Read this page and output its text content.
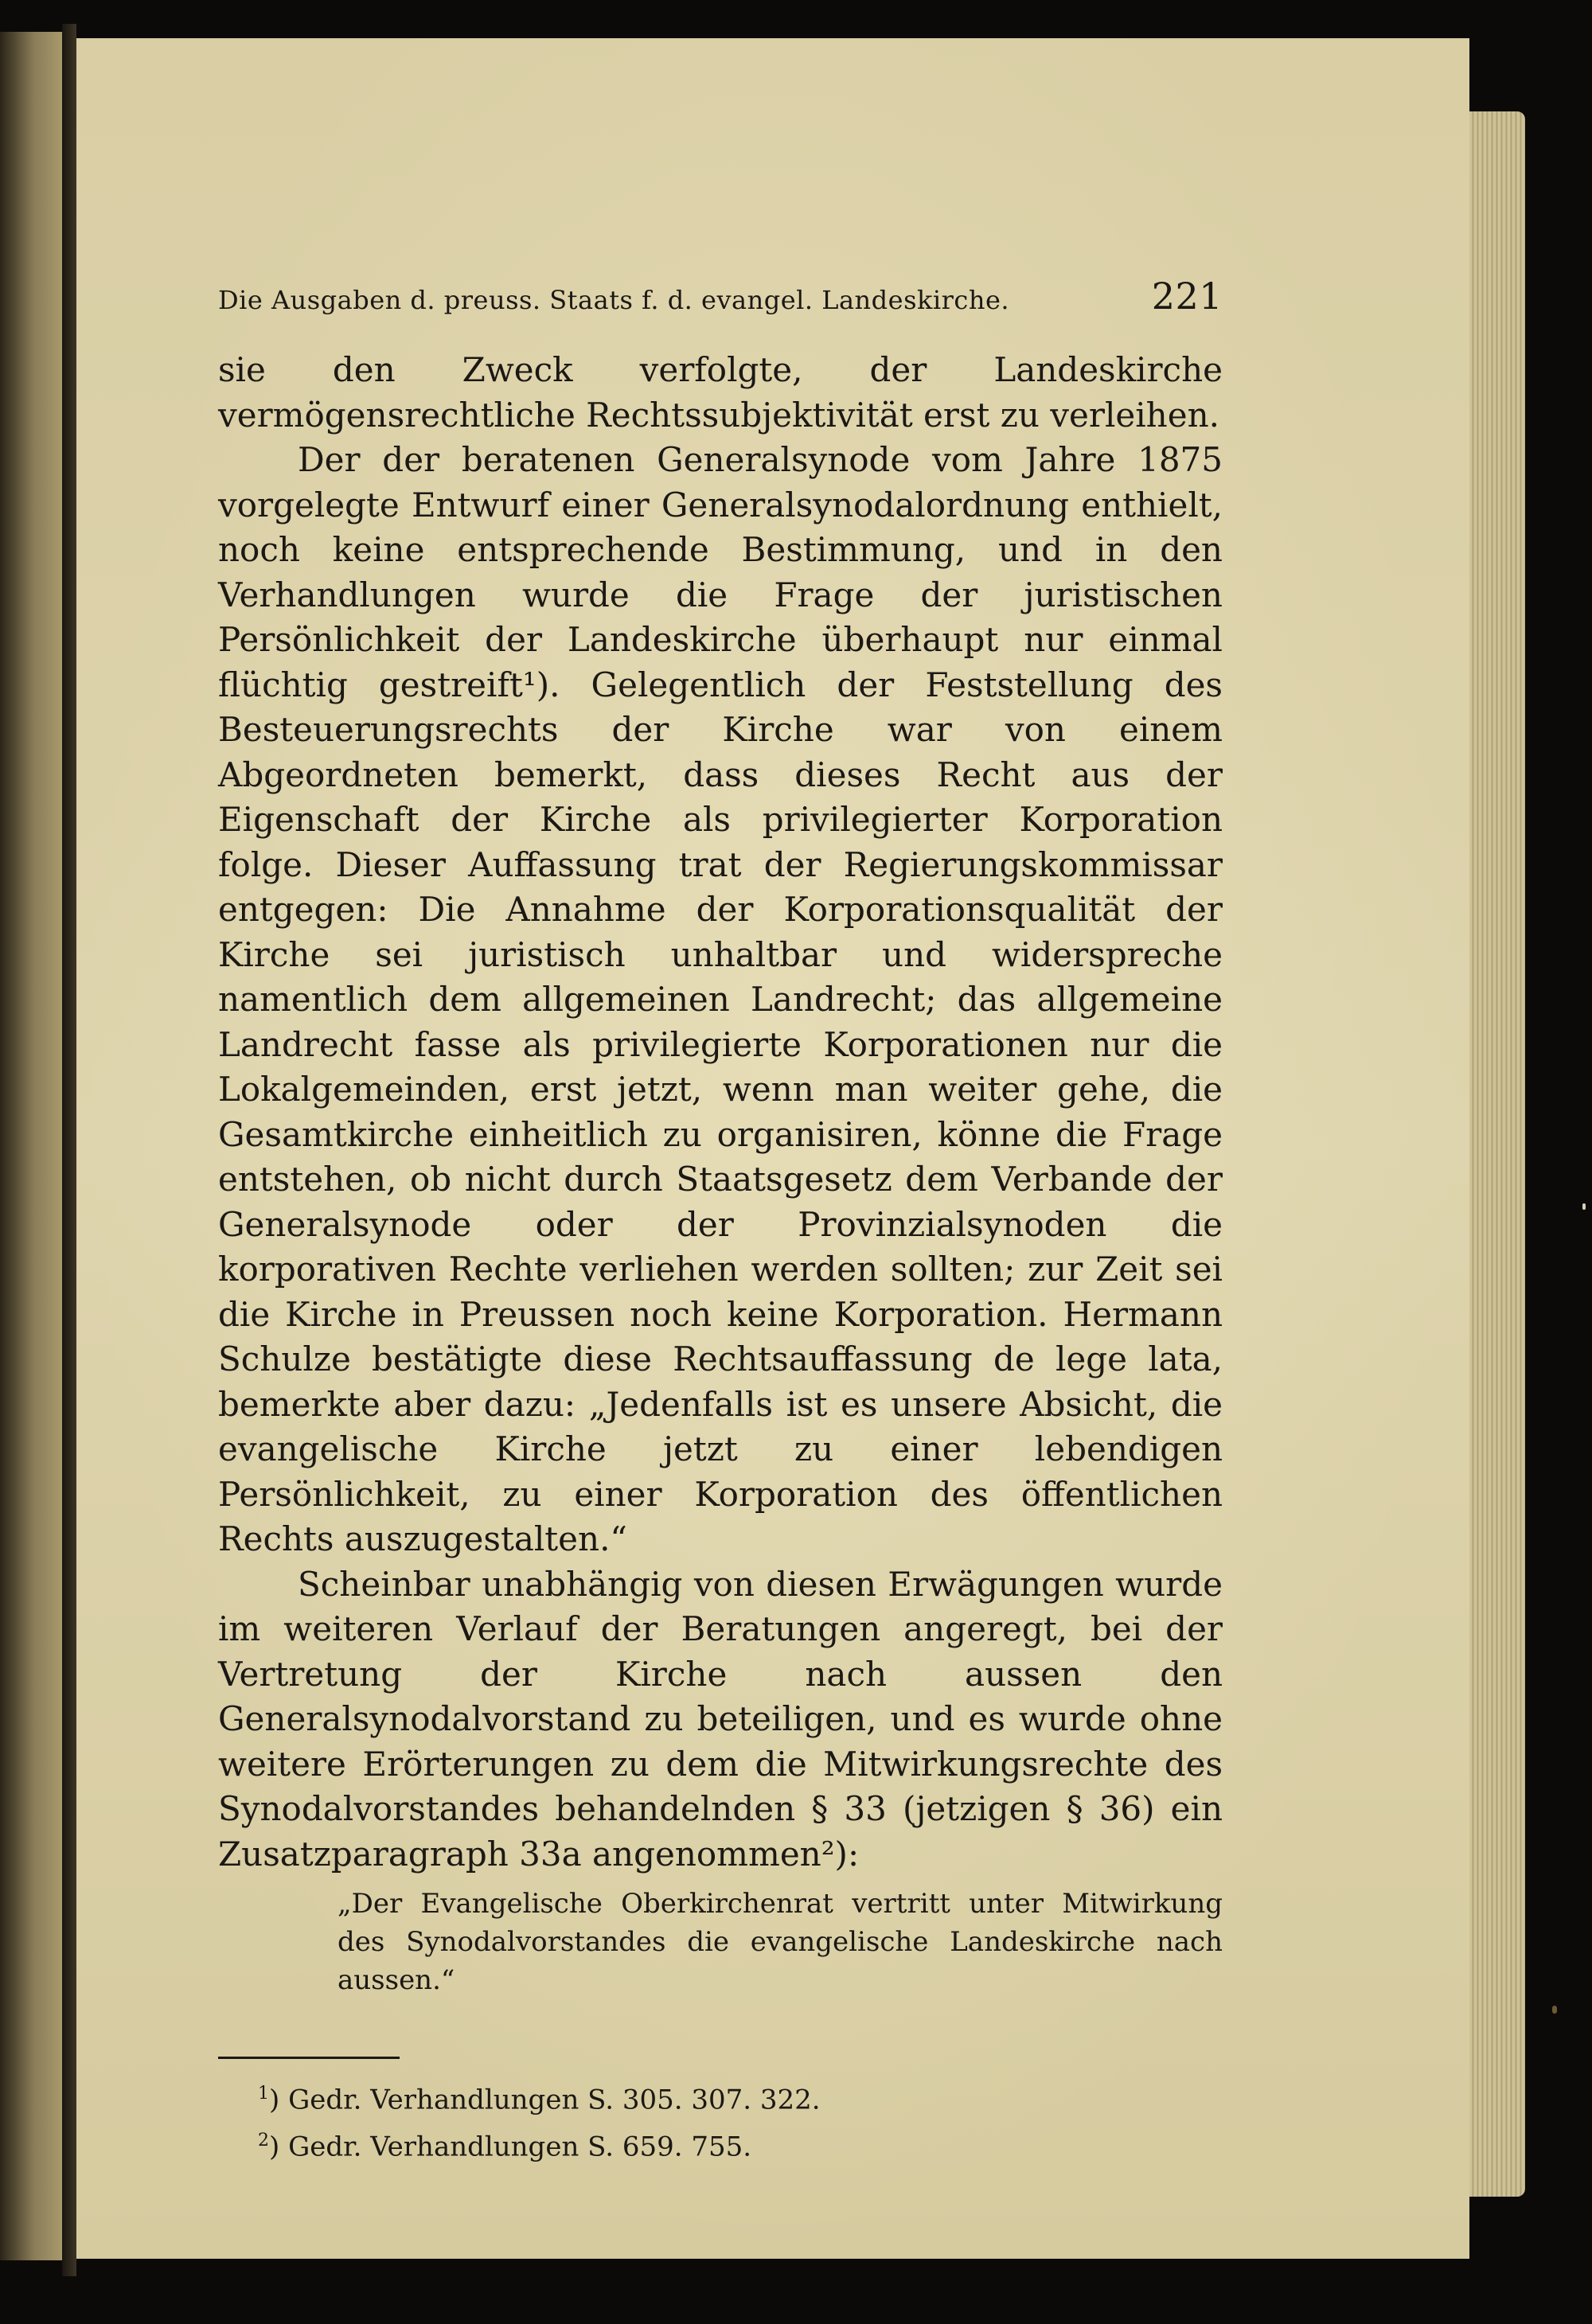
Die Ausgaben d. preuss. Staats f. d. evangel. Landeskirche.	221

sie den Zweck verfolgte, der Landeskirche vermögensrechtliche Rechtssubjektivität erst zu verleihen.

Der der beratenen Generalsynode vom Jahre 1875 vorgelegte Entwurf einer Generalsynodalordnung enthielt, noch keine entsprechende Bestimmung, und in den Verhandlungen wurde die Frage der juristischen Persönlichkeit der Landeskirche überhaupt nur einmal flüchtig gestreift¹). Gelegentlich der Feststellung des Besteuerungsrechts der Kirche war von einem Abgeordneten bemerkt, dass dieses Recht aus der Eigenschaft der Kirche als privilegierter Korporation folge. Dieser Auffassung trat der Regierungskommissar entgegen: Die Annahme der Korporationsqualität der Kirche sei juristisch unhaltbar und widerspreche namentlich dem allgemeinen Landrecht; das allgemeine Landrecht fasse als privilegierte Korporationen nur die Lokalgemeinden, erst jetzt, wenn man weiter gehe, die Gesamtkirche einheitlich zu organisiren, könne die Frage entstehen, ob nicht durch Staatsgesetz dem Verbande der Generalsynode oder der Provinzialsynoden die korporativen Rechte verliehen werden sollten; zur Zeit sei die Kirche in Preussen noch keine Korporation. Hermann Schulze bestätigte diese Rechtsauffassung de lege lata, bemerkte aber dazu: „Jedenfalls ist es unsere Absicht, die evangelische Kirche jetzt zu einer lebendigen Persönlichkeit, zu einer Korporation des öffentlichen Rechts auszugestalten.“

Scheinbar unabhängig von diesen Erwägungen wurde im weiteren Verlauf der Beratungen angeregt, bei der Vertretung der Kirche nach aussen den Generalsynodalvorstand zu beteiligen, und es wurde ohne weitere Erörterungen zu dem die Mitwirkungsrechte des Synodalvorstandes behandelnden § 33 (jetzigen § 36) ein Zusatzparagraph 33a angenommen²):

„Der Evangelische Oberkirchenrat vertritt unter Mitwirkung des Synodalvorstandes die evangelische Landeskirche nach aussen.“

$^1$) Gedr. Verhandlungen S. 305. 307. 322.

$^2$) Gedr. Verhandlungen S. 659. 755.
